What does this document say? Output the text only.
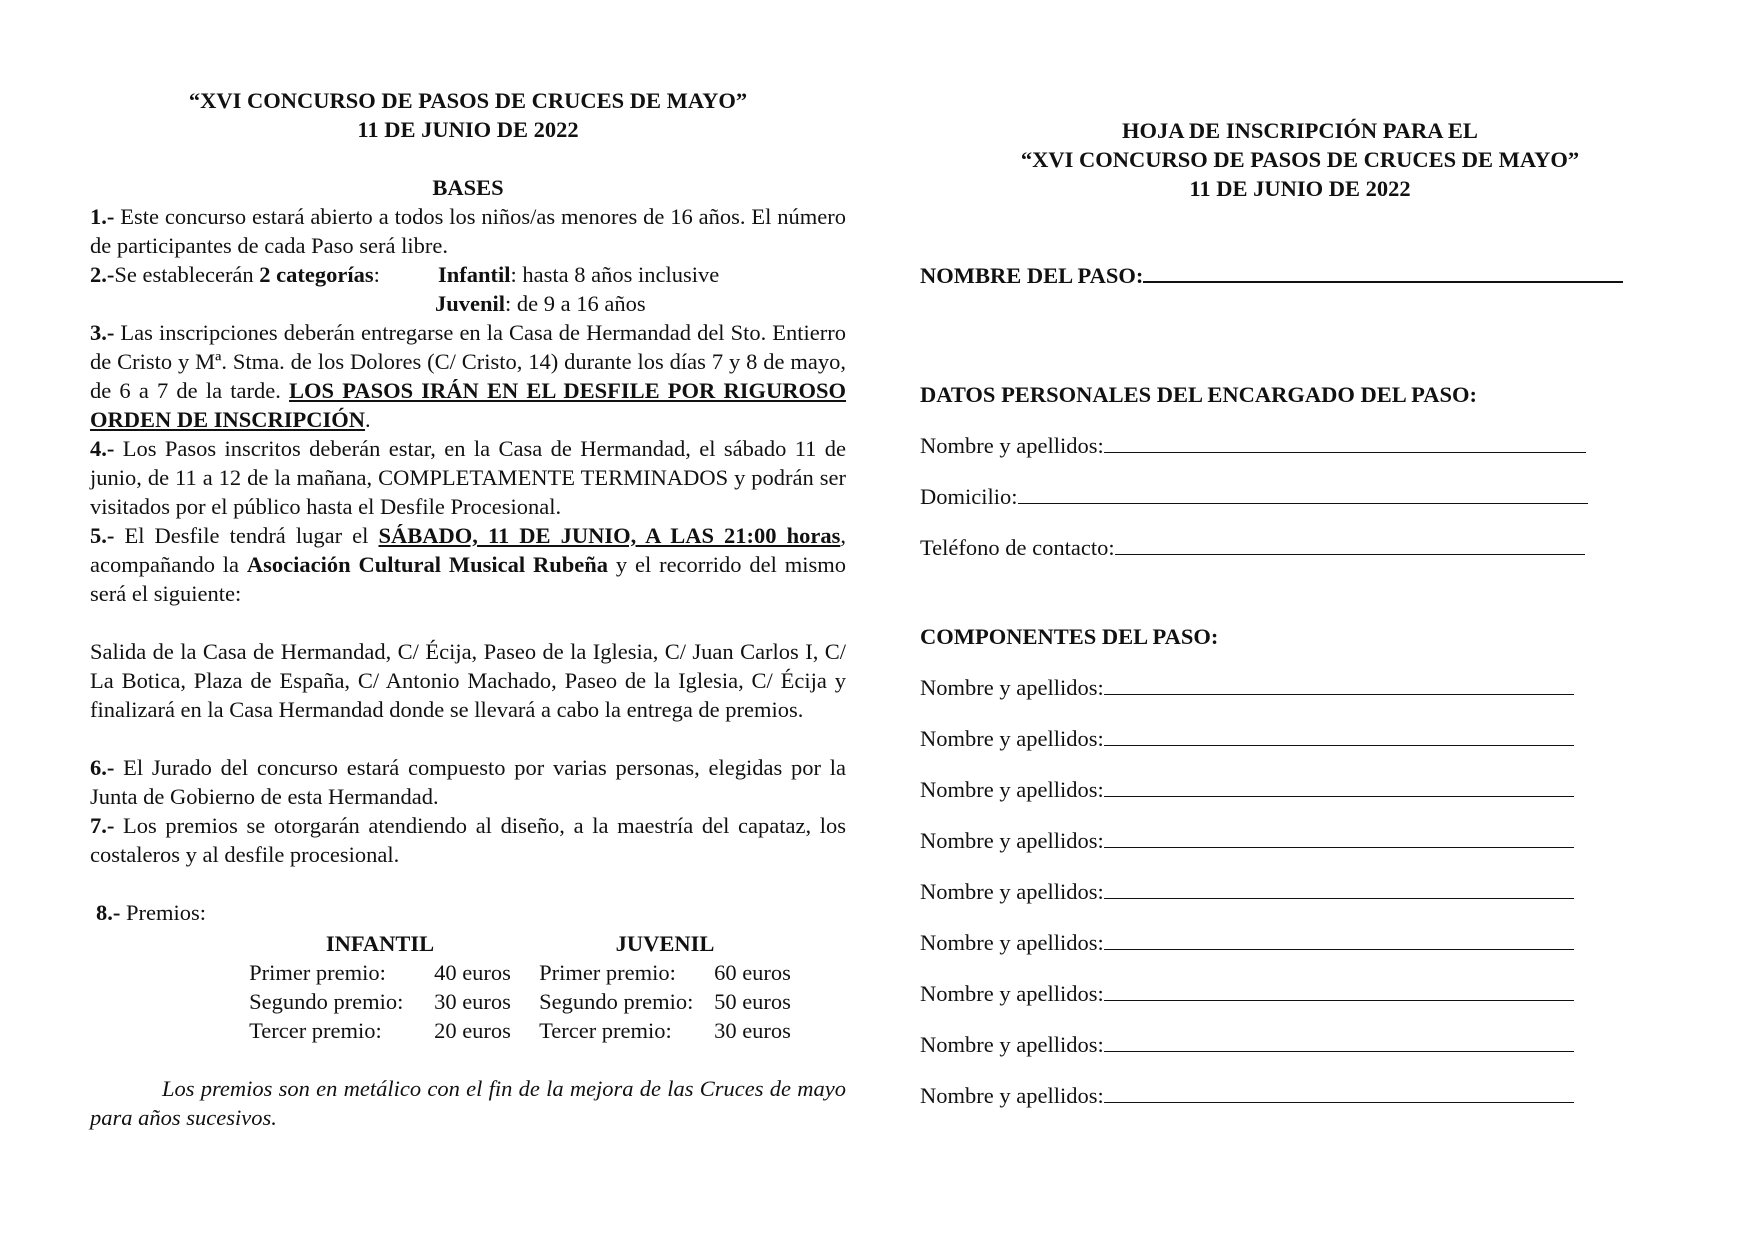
“XVI CONCURSO DE PASOS DE CRUCES DE MAYO”

11 DE JUNIO DE 2022

BASES

1.- Este concurso estará abierto a todos los niños/as menores de 16 años. El número de participantes de cada Paso será libre.

2.-Se establecerán 2 categorías:	Infantil: hasta 8 años inclusive
Juvenil: de 9 a 16 años

3.- Las inscripciones deberán entregarse en la Casa de Hermandad del Sto. Entierro de Cristo y Mª. Stma. de los Dolores (C/ Cristo, 14) durante los días 7 y 8 de mayo, de 6 a 7 de la tarde. LOS PASOS IRÁN EN EL DESFILE POR RIGUROSO ORDEN DE INSCRIPCIÓN.

4.- Los Pasos inscritos deberán estar, en la Casa de Hermandad, el sábado 11 de junio, de 11 a 12 de la mañana, COMPLETAMENTE TERMINADOS y podrán ser visitados por el público hasta el Desfile Procesional.

5.- El Desfile tendrá lugar el SÁBADO, 11 DE JUNIO, A LAS 21:00 horas, acompañando la Asociación Cultural Musical Rubeña y el recorrido del mismo será el siguiente:

Salida de la Casa de Hermandad, C/ Écija, Paseo de la Iglesia, C/ Juan Carlos I, C/ La Botica, Plaza de España, C/ Antonio Machado, Paseo de la Iglesia, C/ Écija y finalizará en la Casa Hermandad donde se llevará a cabo la entrega de premios.

6.- El Jurado del concurso estará compuesto por varias personas, elegidas por la Junta de Gobierno de esta Hermandad.

7.- Los premios se otorgarán atendiendo al diseño, a la maestría del capataz, los costaleros y al desfile procesional.

8.- Premios:

INFANTIL
Primer premio:	40 euros
Segundo premio:	30 euros
Tercer premio:	20 euros
JUVENIL
Primer premio:	60 euros
Segundo premio: 50 euros
Tercer premio:	30 euros

Los premios son en metálico con el fin de la mejora de las Cruces de mayo para años sucesivos.

HOJA DE INSCRIPCIÓN PARA EL
“XVI CONCURSO DE PASOS DE CRUCES DE MAYO”
11 DE JUNIO DE 2022
NOMBRE DEL PASO:
DATOS PERSONALES DEL ENCARGADO DEL PASO:
Nombre y apellidos:
Domicilio:
Teléfono de contacto:
COMPONENTES DEL PASO:
Nombre y apellidos:
Nombre y apellidos:
Nombre y apellidos:
Nombre y apellidos:
Nombre y apellidos:
Nombre y apellidos:
Nombre y apellidos:
Nombre y apellidos:
Nombre y apellidos:
